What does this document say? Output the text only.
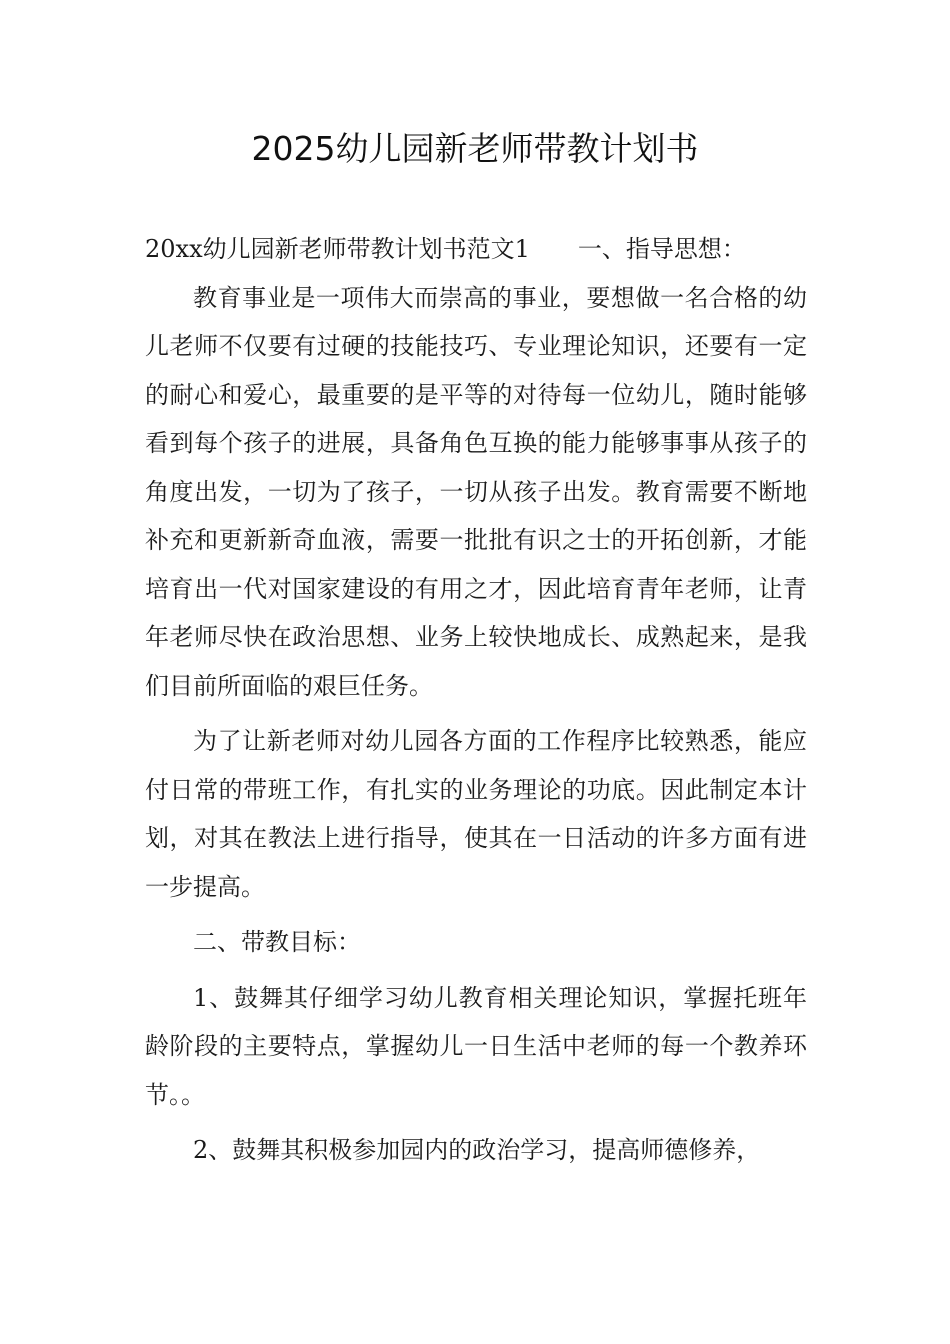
2025幼儿园新老师带教计划书

20xx幼儿园新老师带教计划书范文1 一、指导思想：

教育事业是一项伟大而崇高的事业，要想做一名合格的幼儿老师不仅要有过硬的技能技巧、专业理论知识，还要有一定的耐心和爱心，最重要的是平等的对待每一位幼儿，随时能够看到每个孩子的进展，具备角色互换的能力能够事事从孩子的角度出发，一切为了孩子，一切从孩子出发。教育需要不断地补充和更新新奇血液，需要一批批有识之士的开拓创新，才能培育出一代对国家建设的有用之才，因此培育青年老师，让青年老师尽快在政治思想、业务上较快地成长、成熟起来，是我们目前所面临的艰巨任务。

为了让新老师对幼儿园各方面的工作程序比较熟悉，能应付日常的带班工作，有扎实的业务理论的功底。因此制定本计划，对其在教法上进行指导，使其在一日活动的许多方面有进一步提高。

二、带教目标：

1、鼓舞其仔细学习幼儿教育相关理论知识，掌握托班年龄阶段的主要特点，掌握幼儿一日生活中老师的每一个教养环节。。

2、鼓舞其积极参加园内的政治学习，提高师德修养，
